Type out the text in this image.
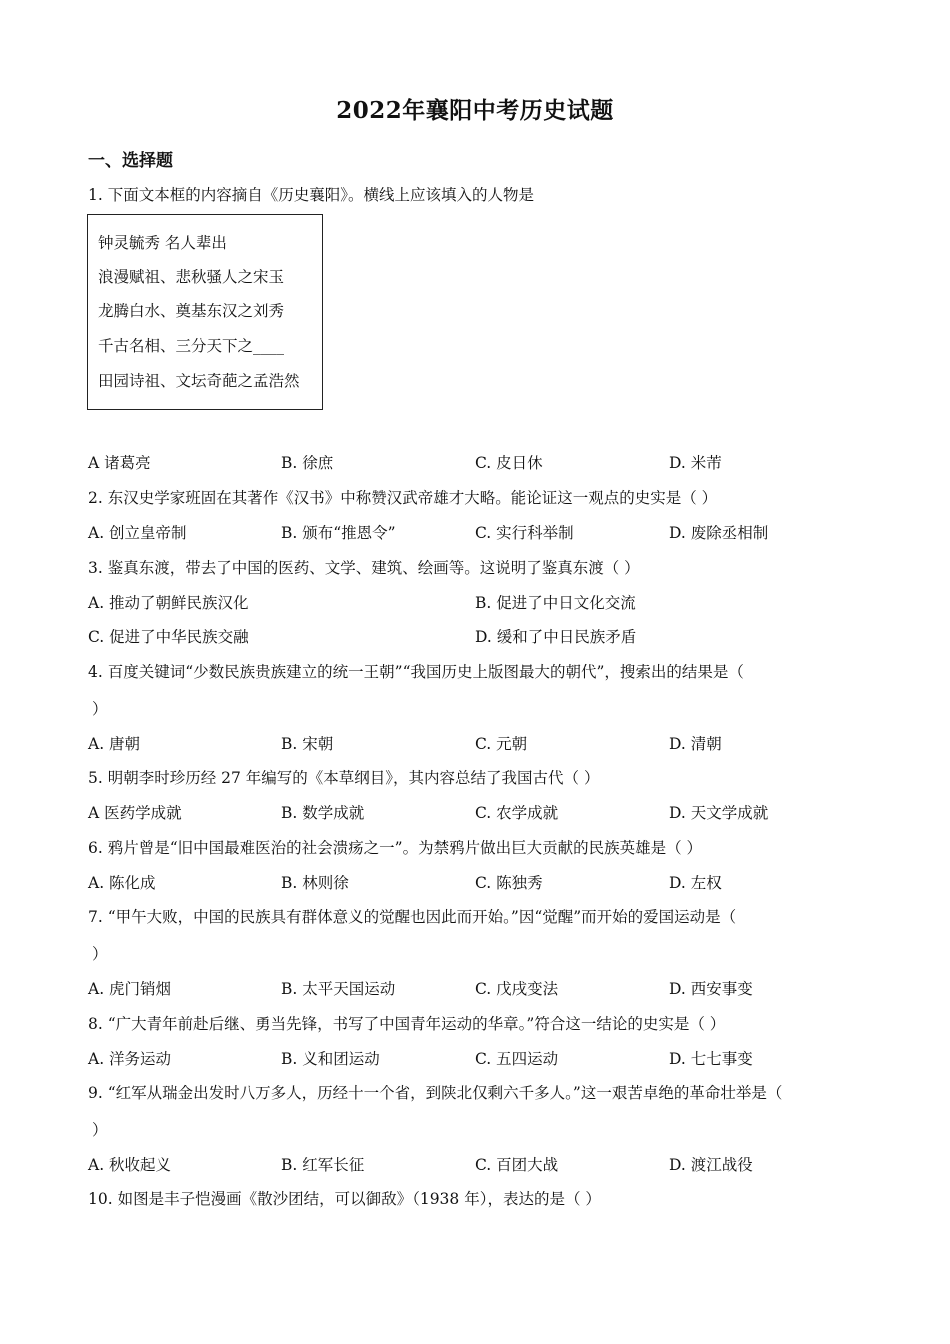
2022年襄阳中考历史试题
一、选择题
1. 下面文本框的内容摘自《历史襄阳》。横线上应该填入的人物是
钟灵毓秀 名人辈出
浪漫赋祖、悲秋骚人之宋玉
龙腾白水、奠基东汉之刘秀
千古名相、三分天下之____
田园诗祖、文坛奇葩之孟浩然
A 诸葛亮	B. 徐庶	C. 皮日休	D. 米芾
2. 东汉史学家班固在其著作《汉书》中称赞汉武帝雄才大略。能论证这一观点的史实是（ ）
A. 创立皇帝制	B. 颁布“推恩令”	C. 实行科举制	D. 废除丞相制
3. 鉴真东渡，带去了中国的医药、文学、建筑、绘画等。这说明了鉴真东渡（ ）
A. 推动了朝鲜民族汉化	B. 促进了中日文化交流
C. 促进了中华民族交融	D. 缓和了中日民族矛盾
4. 百度关键词“少数民族贵族建立的统一王朝”“我国历史上版图最大的朝代”，搜索出的结果是（
）
A. 唐朝	B. 宋朝	C. 元朝	D. 清朝
5. 明朝李时珍历经 27 年编写的《本草纲目》，其内容总结了我国古代（ ）
A 医药学成就	B. 数学成就	C. 农学成就	D. 天文学成就
6. 鸦片曾是“旧中国最难医治的社会溃疡之一”。为禁鸦片做出巨大贡献的民族英雄是（ ）
A. 陈化成	B. 林则徐	C. 陈独秀	D. 左权
7. “甲午大败，中国的民族具有群体意义的觉醒也因此而开始。”因“觉醒”而开始的爱国运动是（
）
A. 虎门销烟	B. 太平天国运动	C. 戊戌变法	D. 西安事变
8. “广大青年前赴后继、勇当先锋，书写了中国青年运动的华章。”符合这一结论的史实是（ ）
A. 洋务运动	B. 义和团运动	C. 五四运动	D. 七七事变
9. “红军从瑞金出发时八万多人，历经十一个省，到陕北仅剩六千多人。”这一艰苦卓绝的革命壮举是（
）
A. 秋收起义	B. 红军长征	C. 百团大战	D. 渡江战役
10. 如图是丰子恺漫画《散沙团结，可以御敌》（1938 年），表达的是（ ）
